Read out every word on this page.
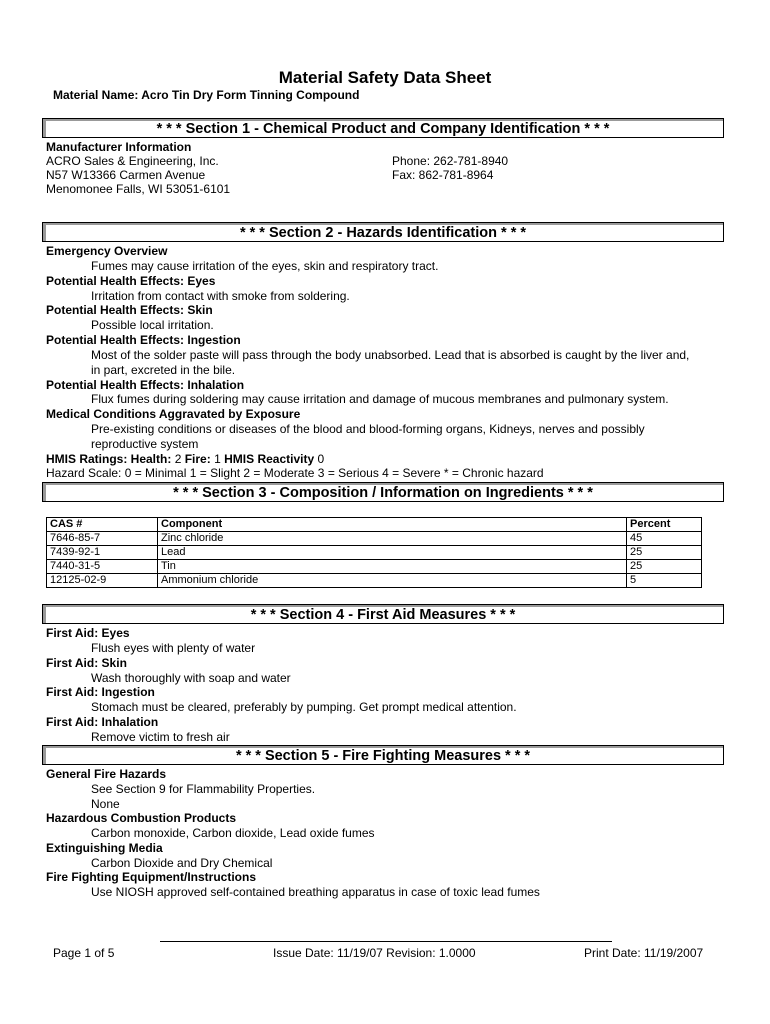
Material Safety Data Sheet
Material Name: Acro Tin Dry Form Tinning Compound
* * * Section 1 - Chemical Product and Company Identification * * *
Manufacturer Information
ACRO Sales & Engineering, Inc.
N57 W13366 Carmen Avenue
Menomonee Falls, WI 53051-6101
Phone: 262-781-8940
Fax: 862-781-8964
* * * Section 2 - Hazards Identification * * *
Emergency Overview
Fumes may cause irritation of the eyes, skin and respiratory tract.
Potential Health Effects: Eyes
Irritation from contact with smoke from soldering.
Potential Health Effects: Skin
Possible local irritation.
Potential Health Effects: Ingestion
Most of the solder paste will pass through the body unabsorbed. Lead that is absorbed is caught by the liver and,
in part, excreted in the bile.
Potential Health Effects: Inhalation
Flux fumes during soldering may cause irritation and damage of mucous membranes and pulmonary system.
Medical Conditions Aggravated by Exposure
Pre-existing conditions or diseases of the blood and blood-forming organs, Kidneys, nerves and possibly
reproductive system
HMIS Ratings: Health: 2 Fire: 1 HMIS Reactivity 0
Hazard Scale: 0 = Minimal 1 = Slight 2 = Moderate 3 = Serious 4 = Severe * = Chronic hazard
* * * Section 3 - Composition / Information on Ingredients * * *
CAS #	Component	Percent
7646-85-7	Zinc chloride	45
7439-92-1	Lead	25
7440-31-5	Tin	25
12125-02-9	Ammonium chloride	5
* * * Section 4 - First Aid Measures * * *
First Aid: Eyes
Flush eyes with plenty of water
First Aid: Skin
Wash thoroughly with soap and water
First Aid: Ingestion
Stomach must be cleared, preferably by pumping. Get prompt medical attention.
First Aid: Inhalation
Remove victim to fresh air
* * * Section 5 - Fire Fighting Measures * * *
General Fire Hazards
See Section 9 for Flammability Properties.
None
Hazardous Combustion Products
Carbon monoxide, Carbon dioxide, Lead oxide fumes
Extinguishing Media
Carbon Dioxide and Dry Chemical
Fire Fighting Equipment/Instructions
Use NIOSH approved self-contained breathing apparatus in case of toxic lead fumes
Page 1 of 5	Issue Date: 11/19/07 Revision: 1.0000	Print Date: 11/19/2007
